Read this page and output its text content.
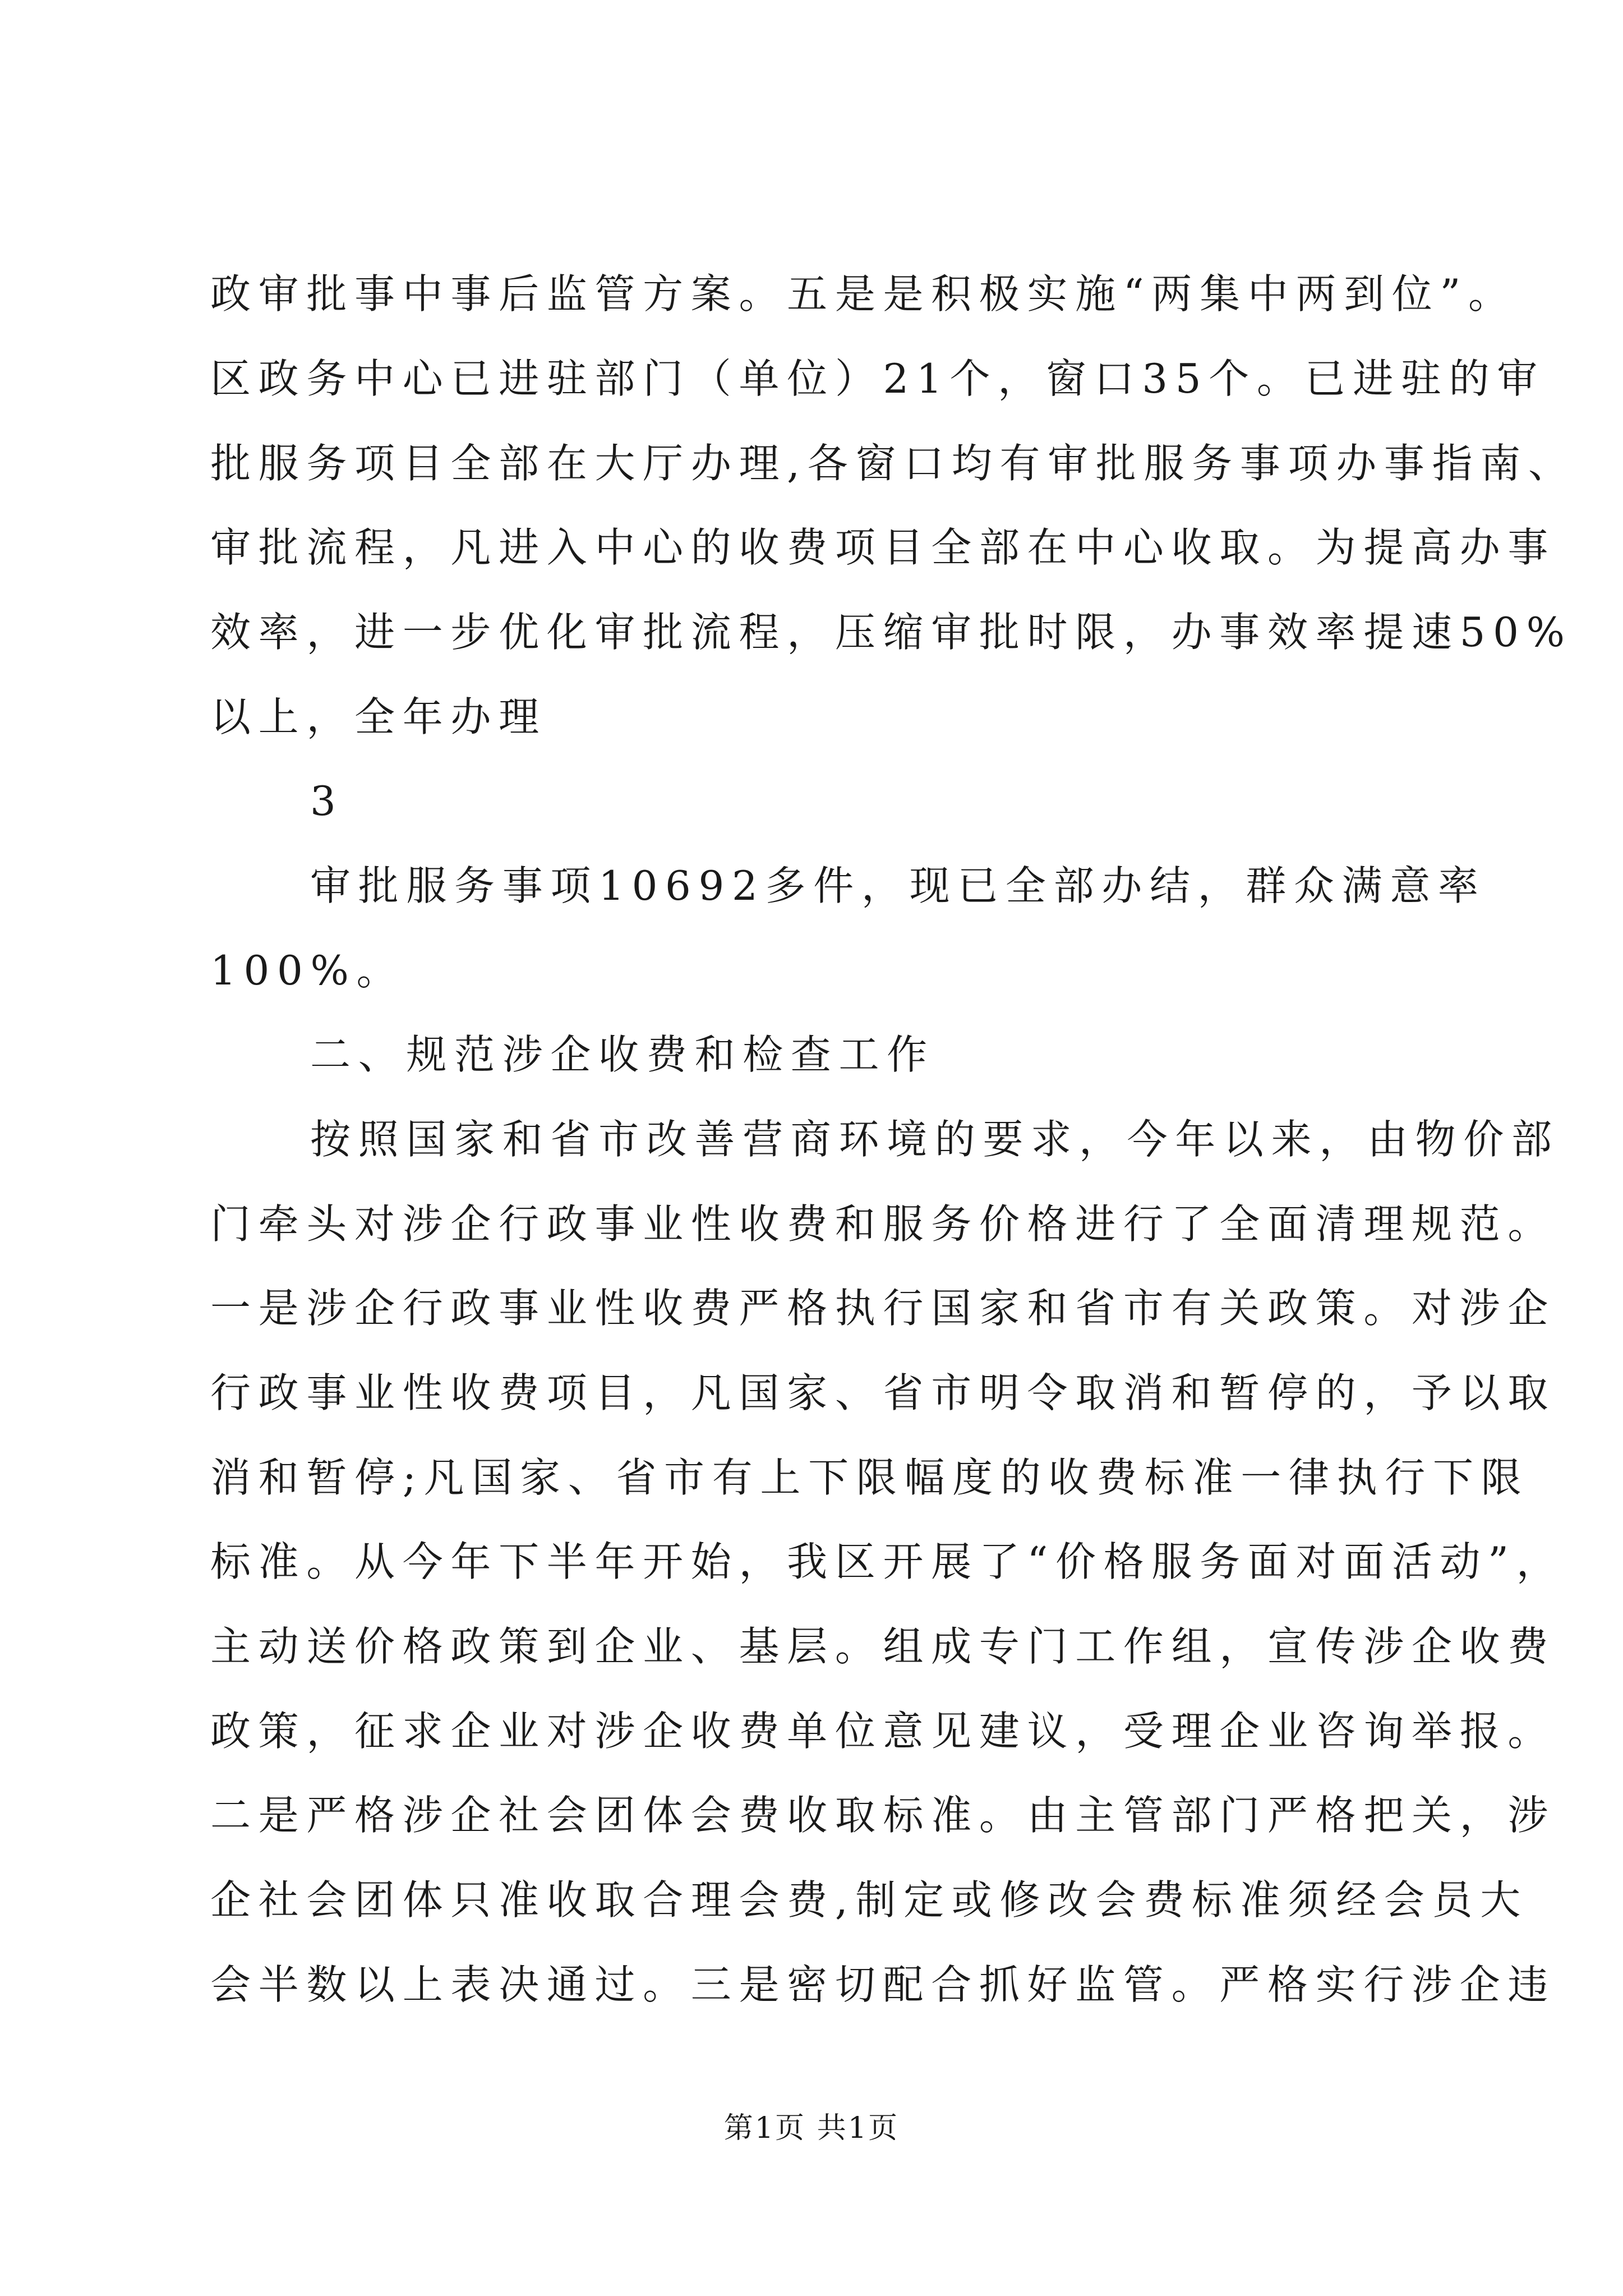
政审批事中事后监管方案。五是是积极实施“两集中两到位”。
区政务中心已进驻部门（单位）21个，窗口35个。已进驻的审
批服务项目全部在大厅办理,各窗口均有审批服务事项办事指南、
审批流程，凡进入中心的收费项目全部在中心收取。为提高办事
效率，进一步优化审批流程，压缩审批时限，办事效率提速50%
以上，全年办理
3
审批服务事项10692多件，现已全部办结，群众满意率
100%。
二、规范涉企收费和检查工作
按照国家和省市改善营商环境的要求，今年以来，由物价部
门牵头对涉企行政事业性收费和服务价格进行了全面清理规范。
一是涉企行政事业性收费严格执行国家和省市有关政策。对涉企
行政事业性收费项目，凡国家、省市明令取消和暂停的，予以取
消和暂停;凡国家、省市有上下限幅度的收费标准一律执行下限
标准。从今年下半年开始，我区开展了“价格服务面对面活动”，
主动送价格政策到企业、基层。组成专门工作组，宣传涉企收费
政策，征求企业对涉企收费单位意见建议，受理企业咨询举报。
二是严格涉企社会团体会费收取标准。由主管部门严格把关，涉
企社会团体只准收取合理会费,制定或修改会费标准须经会员大
会半数以上表决通过。三是密切配合抓好监管。严格实行涉企违
第1页 共1页
